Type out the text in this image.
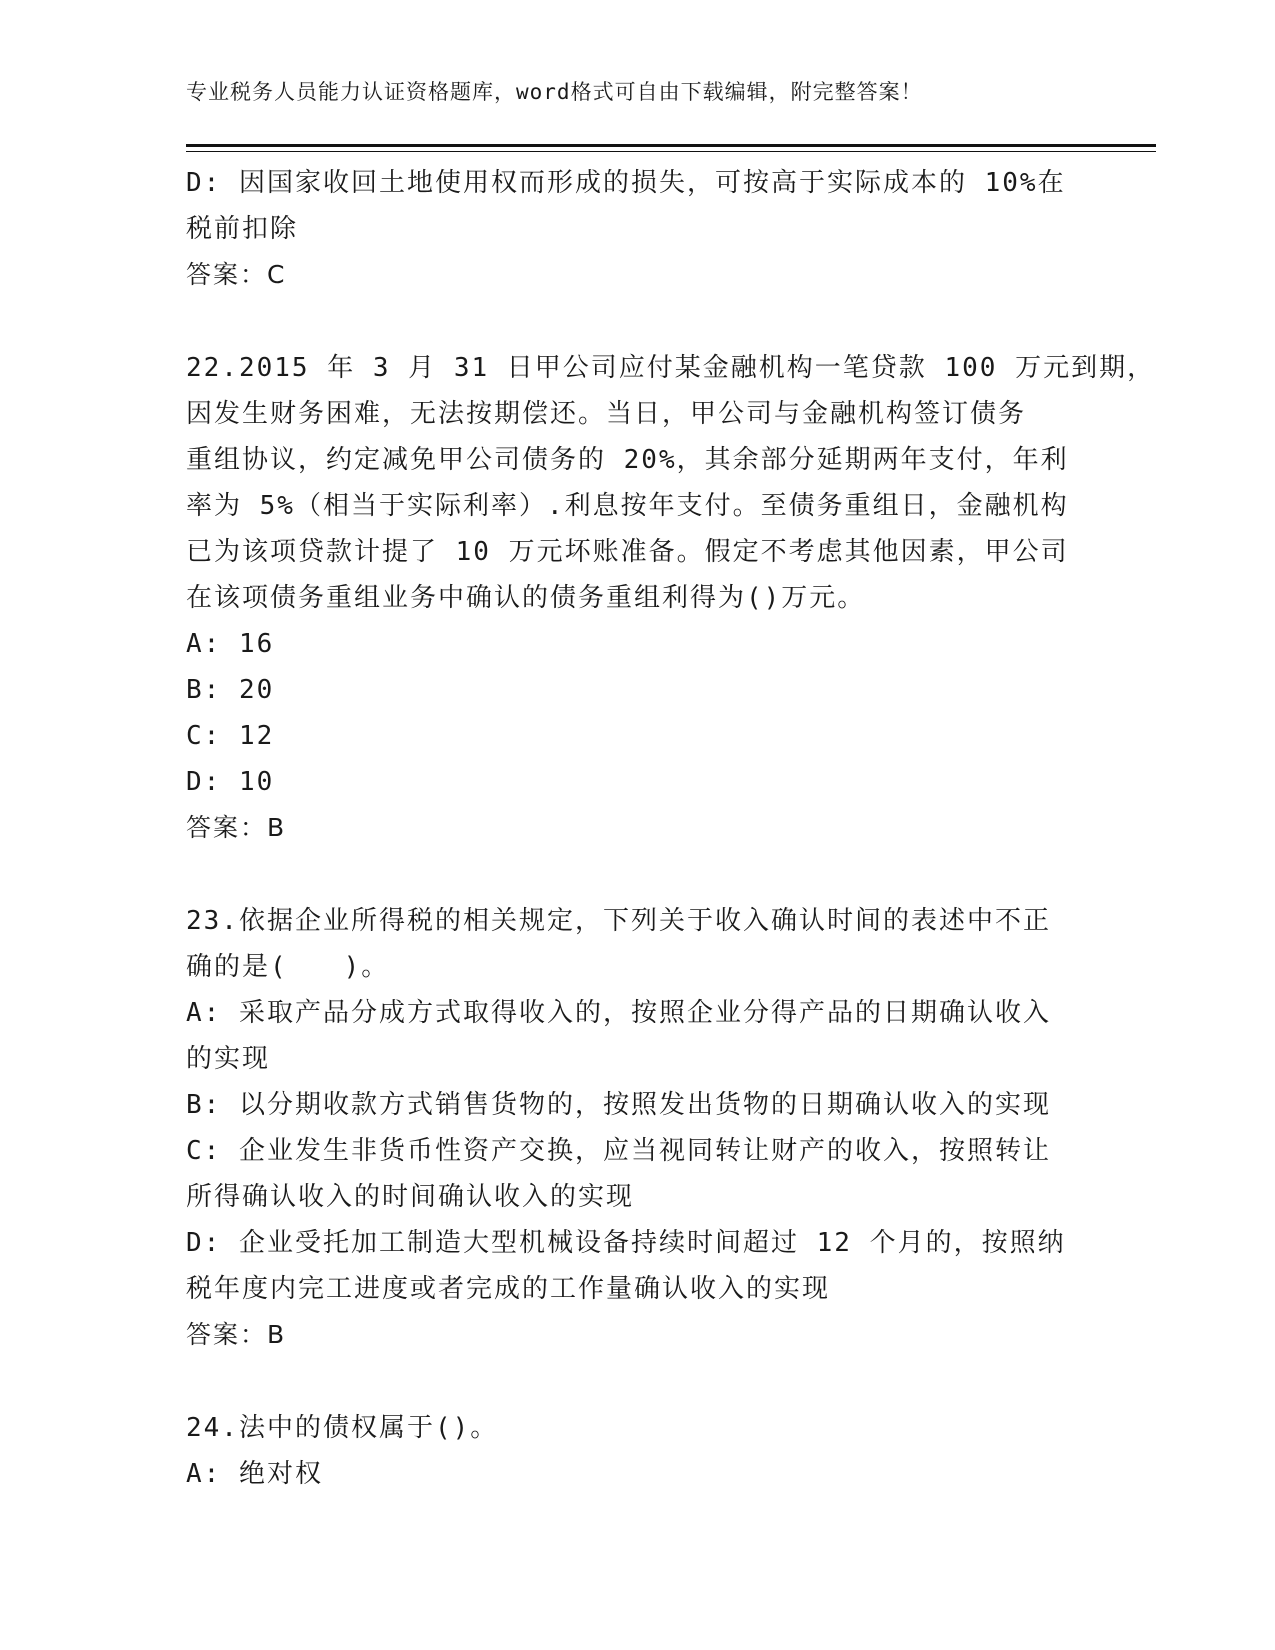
专业税务人员能力认证资格题库，word格式可自由下载编辑，附完整答案！
D: 因国家收回土地使用权而形成的损失，可按高于实际成本的 10%在
税前扣除
答案：C
22.2015 年 3 月 31 日甲公司应付某金融机构一笔贷款 100 万元到期，
因发生财务困难，无法按期偿还。当日，甲公司与金融机构签订债务
重组协议，约定减免甲公司债务的 20%，其余部分延期两年支付，年利
率为 5%（相当于实际利率）.利息按年支付。至债务重组日，金融机构
已为该项贷款计提了 10 万元坏账准备。假定不考虑其他因素，甲公司
在该项债务重组业务中确认的债务重组利得为()万元。
A: 16
B: 20
C: 12
D: 10
答案：B
23.依据企业所得税的相关规定，下列关于收入确认时间的表述中不正
确的是(　　)。
A: 采取产品分成方式取得收入的，按照企业分得产品的日期确认收入
的实现
B: 以分期收款方式销售货物的，按照发出货物的日期确认收入的实现
C: 企业发生非货币性资产交换，应当视同转让财产的收入，按照转让
所得确认收入的时间确认收入的实现
D: 企业受托加工制造大型机械设备持续时间超过 12 个月的，按照纳
税年度内完工进度或者完成的工作量确认收入的实现
答案：B
24.法中的债权属于()。
A: 绝对权
